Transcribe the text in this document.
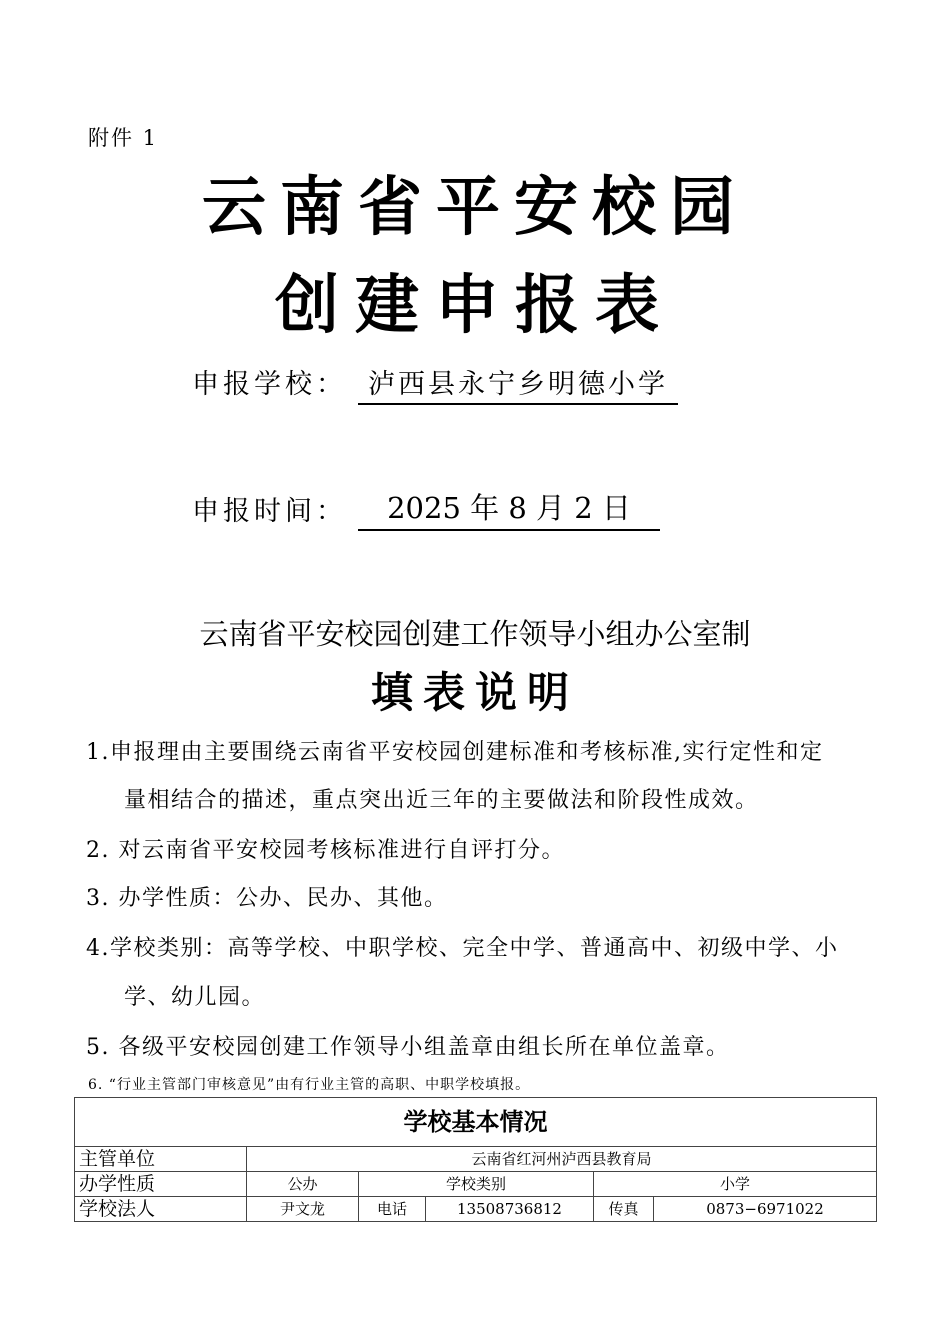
附件 1
云南省平安校园
创建申报表
申报学校： 泸西县永宁乡明德小学
申报时间：	2025 年 8 月 2 日
云南省平安校园创建工作领导小组办公室制
填表说明
1.申报理由主要围绕云南省平安校园创建标准和考核标准,实行定性和定
量相结合的描述，重点突出近三年的主要做法和阶段性成效。
2. 对云南省平安校园考核标准进行自评打分。
3. 办学性质：公办、民办、其他。
4.学校类别：高等学校、中职学校、完全中学、普通高中、初级中学、小
学、幼儿园。
5. 各级平安校园创建工作领导小组盖章由组长所在单位盖章。
6. “行业主管部门审核意见”由有行业主管的高职、中职学校填报。
学校基本情况					
主管单位	云南省红河州泸西县教育局				
办学性质	公办	学校类别		小学	
学校法人	尹文龙	电话	13508736812	传真	0873−6971022
